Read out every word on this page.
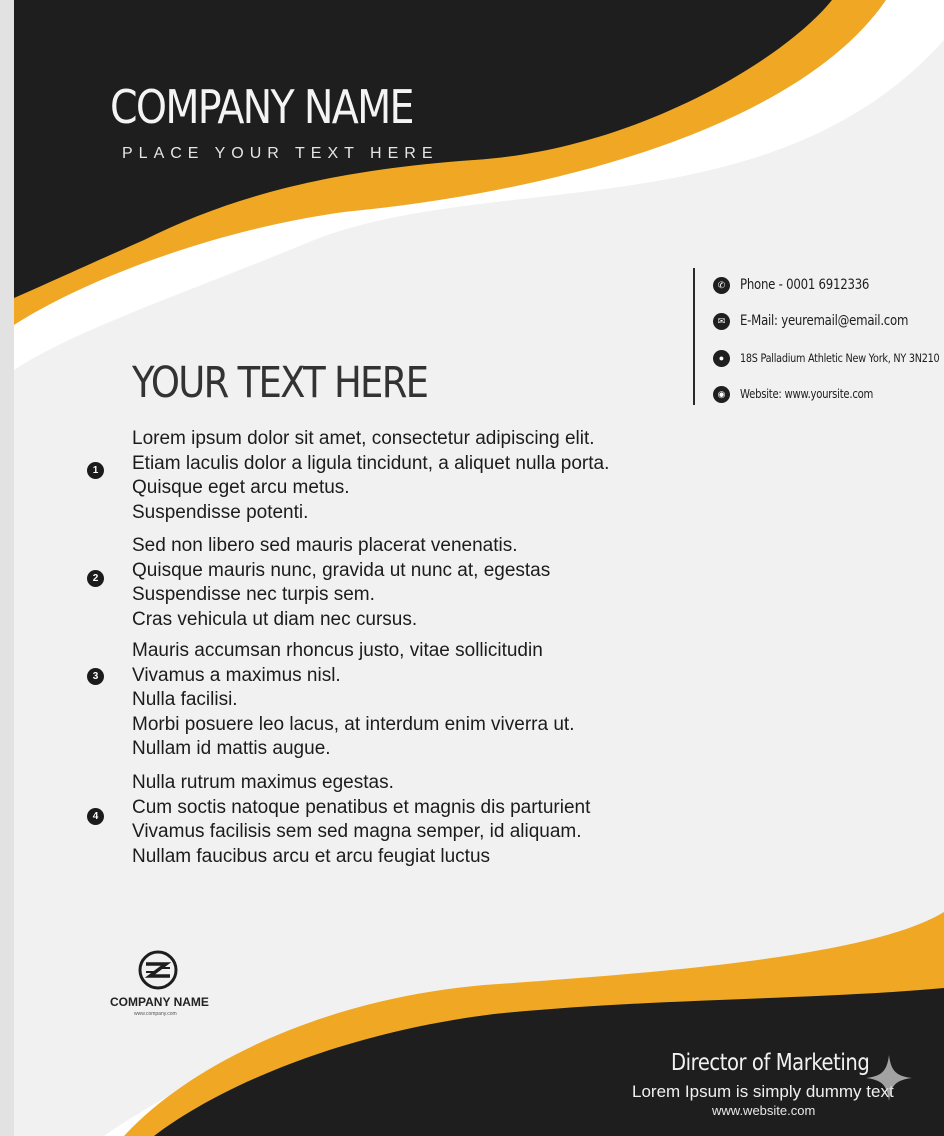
COMPANY NAME
PLACE YOUR TEXT HERE
✆	Phone - 0001 6912336
✉	E-Mail: yeuremail@email.com
●	18S Palladium Athletic New York, NY 3N210
◉	Website: www.yoursite.com
YOUR TEXT HERE
1
Lorem ipsum dolor sit amet, consectetur adipiscing elit.
Etiam laculis dolor a ligula tincidunt, a aliquet nulla porta.
Quisque eget arcu metus.
Suspendisse potenti.
2
Sed non libero sed mauris placerat venenatis.
Quisque mauris nunc, gravida ut nunc at, egestas
Suspendisse nec turpis sem.
Cras vehicula ut diam nec cursus.
3
Mauris accumsan rhoncus justo, vitae sollicitudin
Vivamus a maximus nisl.
Nulla facilisi.
Morbi posuere leo lacus, at interdum enim viverra ut.
Nullam id mattis augue.
4
Nulla rutrum maximus egestas.
Cum soctis natoque penatibus et magnis dis parturient
Vivamus facilisis sem sed magna semper, id aliquam.
Nullam faucibus arcu et arcu feugiat luctus
COMPANY NAME
www.company.com
Director of Marketing
Lorem Ipsum is simply dummy text
www.website.com
